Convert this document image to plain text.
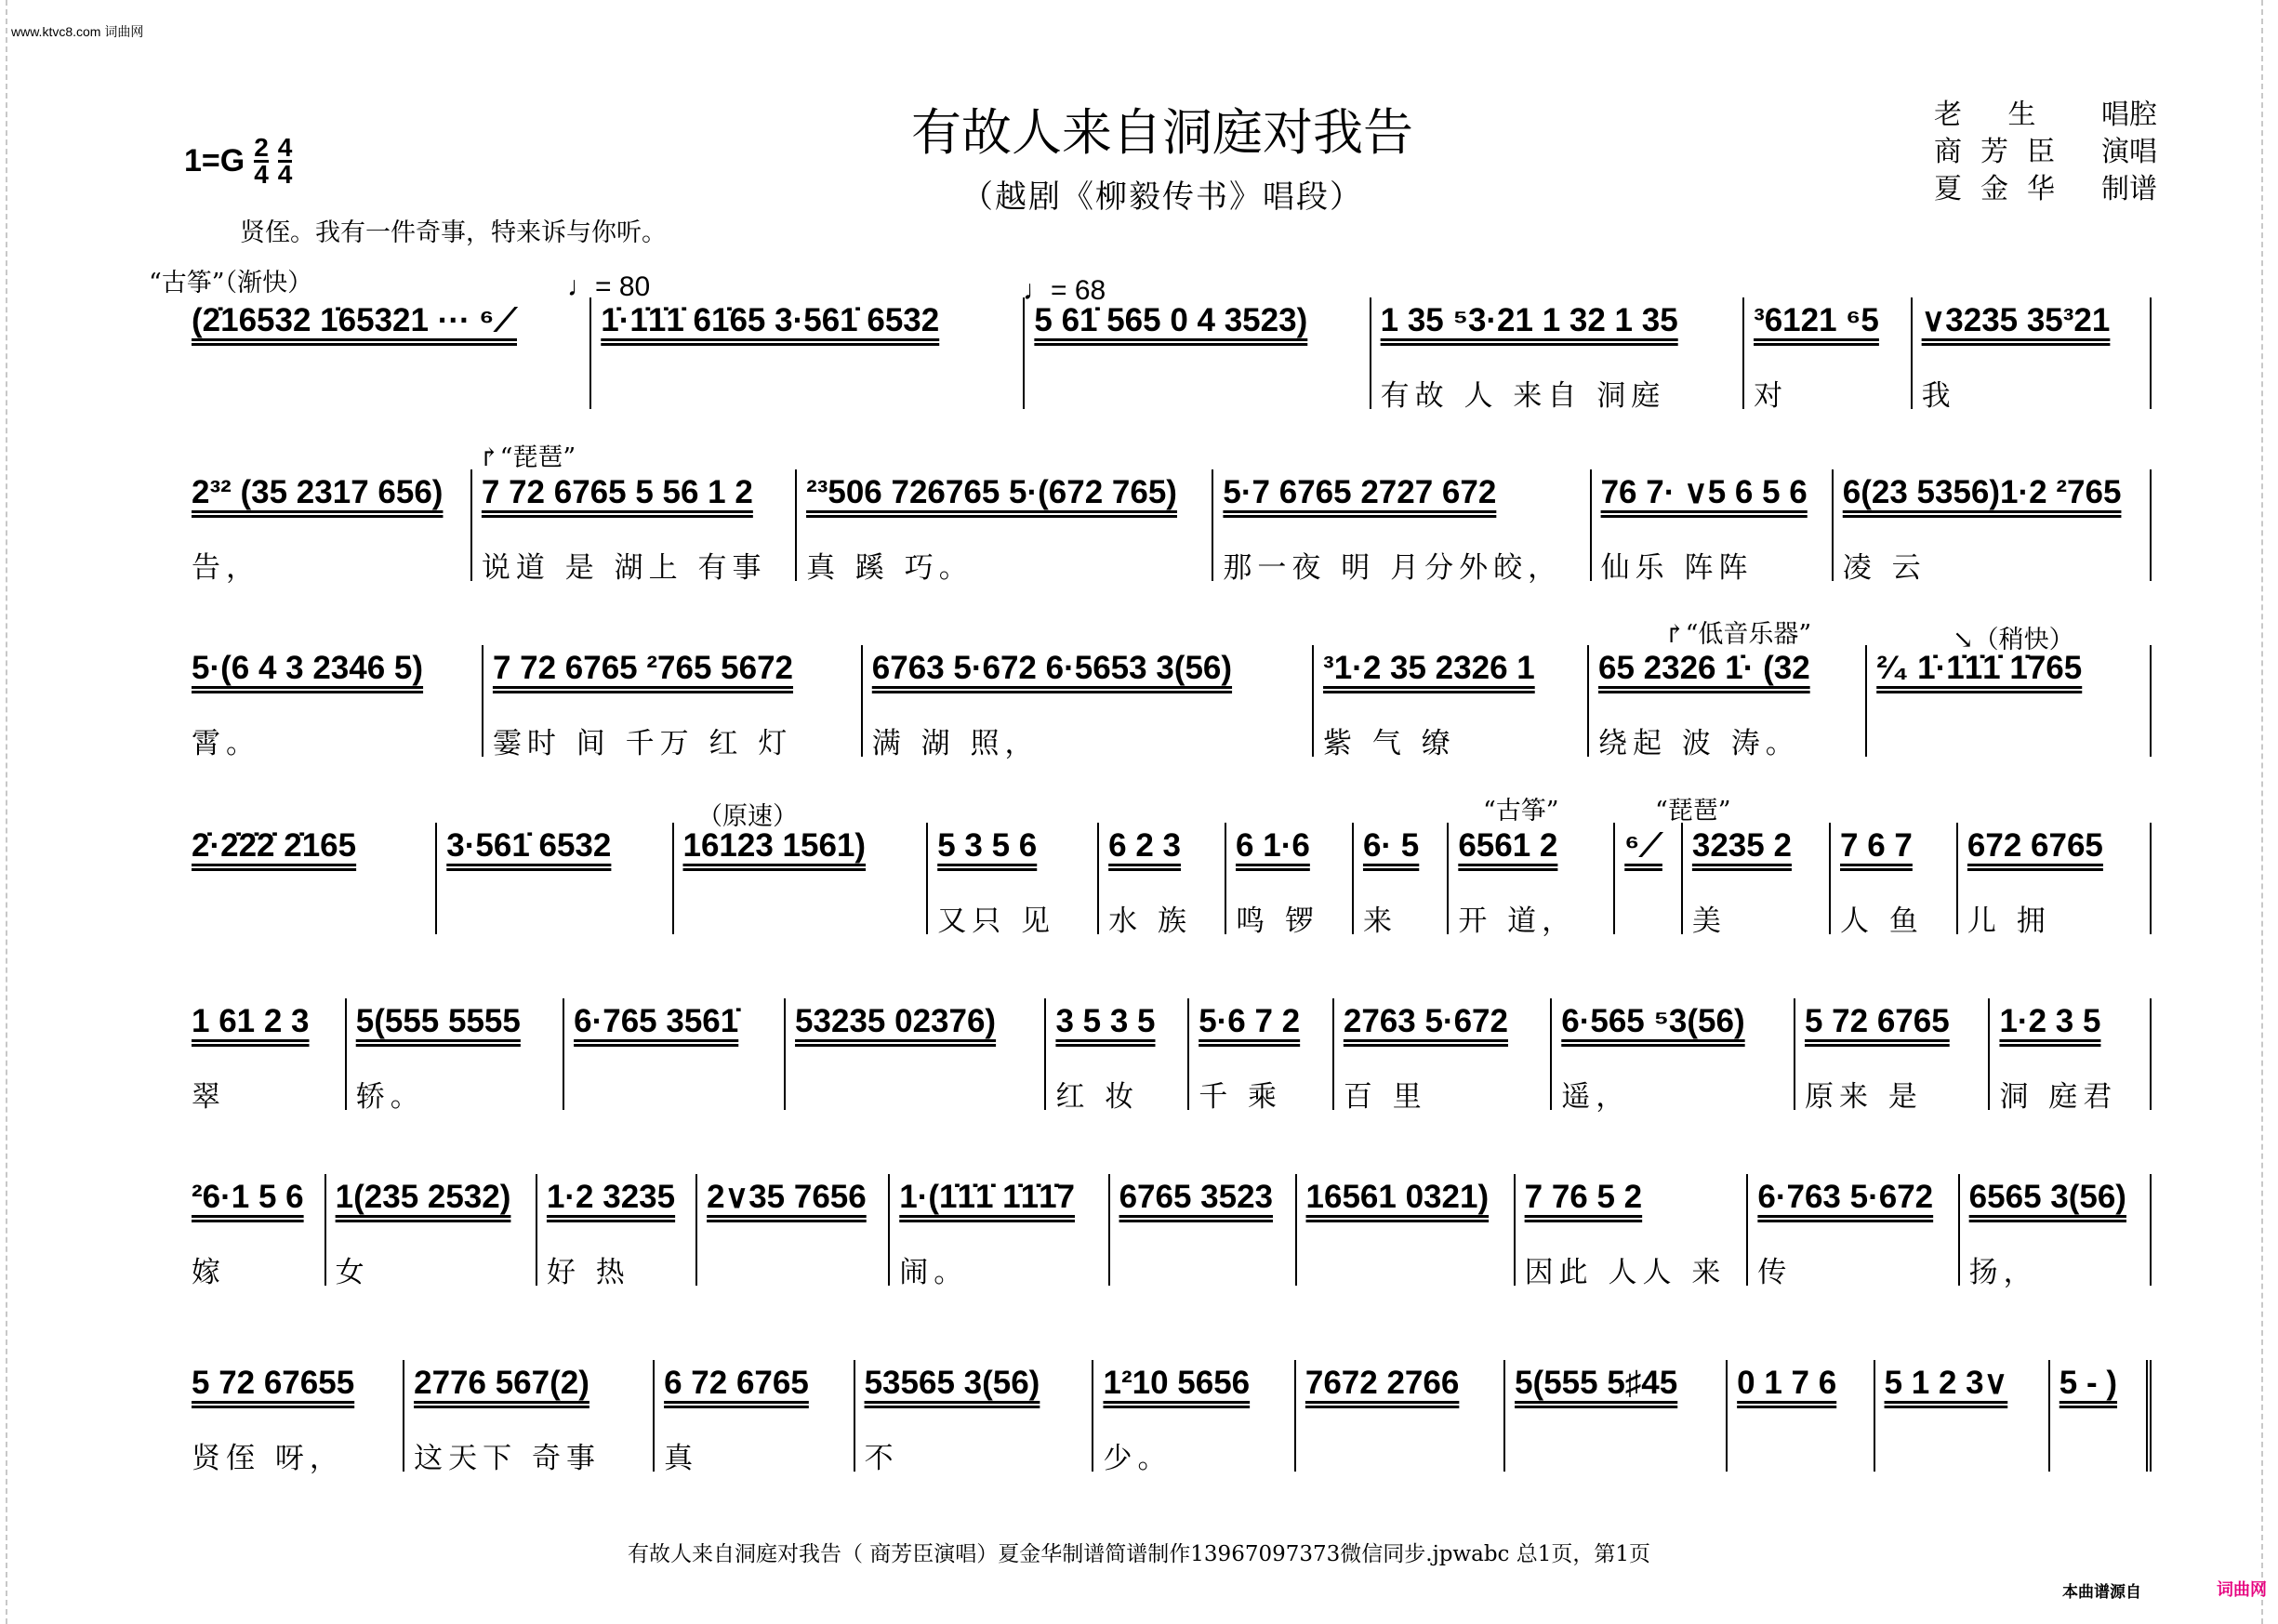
www.ktvc8.com 词曲网
有故人来自洞庭对我告
（越剧《柳毅传书》唱段）
老 生	唱腔
商芳臣 演唱
夏金华 制谱
$1=G \frac{2}{4} \frac{4}{4}$
贤侄。我有一件奇事，特来诉与你听。
“古筝”（渐快）	♩= 80	♩= 68
↱“琵琶”
↱“低音乐器”	↘（稍快）
（原速）	“古筝”	“琵琶”
(2̇16532 1̇65321 ··· ⁶⟋	1̇·1̇1̇1̇ 61̇65 3·561̇ 6532	5 61̇ 565 0 4 3523)	1 35 ⁵3·21 1 32 1 35
有故 人 来自 洞庭
³6121 ⁶5
对
∨3235 35³21
我
2³² (35 2317 656)
告，
7 72 6765 5 56 1 2
说道 是 湖上 有事
²³506 726765 5·(672 765)
真 蹊 巧。
5·7 6765 2727 672
那一夜 明 月分外皎，
76 7· ∨5 6 5 6
仙乐 阵阵
6(23 5356)1·2 ²765
凌 云
5·(6 4 3 2346 5)
霄。
7 72 6765 ²765 5672
霎时 间 千万 红 灯
6763 5·672 6·5653 3(56)
满 湖 照，
³1·2 35 2326 1
紫 气 缭
65 2326 1̇· (32
绕起 波 涛。
²⁄₄ 1̇·1̇1̇1̇ 1̇765
2̇·2̇2̇2̇ 2̇165	3·561̇ 6532	16123 1561)	5 3 5 6
又只 见
6 2 3
水 族
6 1·6
鸣 锣
6· 5
来
6561 2
开 道，
⁶⟋ 3235 2
美
7 6 7
人 鱼
672 6765
儿 拥
1 61 2 3
翠
5(555 5555
轿。
6·765 3561̇	53235 02376)	3 5 3 5
红 妆
5·6 7 2
千 乘
2763 5·672
百 里
6·565 ⁵3(56)
遥，
5 72 6765
原来 是
1·2 3 5
洞 庭君
²6·1 5 6
嫁
1(235 2532)
女
1·2 3235
好 热
2∨35 7656	1·(1̇1̇1̇ 1̇1̇1̇7
闹。
6765 3523	16561 0321)	7 76 5 2
因此 人人 来
6·763 5·672
传
6565 3(56)
扬，
5 72 67655
贤侄 呀，
2776 567(2)
这天下 奇事
6 72 6765
真
53565 3(56)
不
1²10 5656
少。
7672 2766	5(555 5♯45	0 1 7 6	5 1 2 3∨	5 - )
有故人来自洞庭对我告（ 商芳臣演唱）夏金华制谱简谱制作13967097373微信同步.jpwabc 总1页，第1页
本曲谱源自	词曲网
